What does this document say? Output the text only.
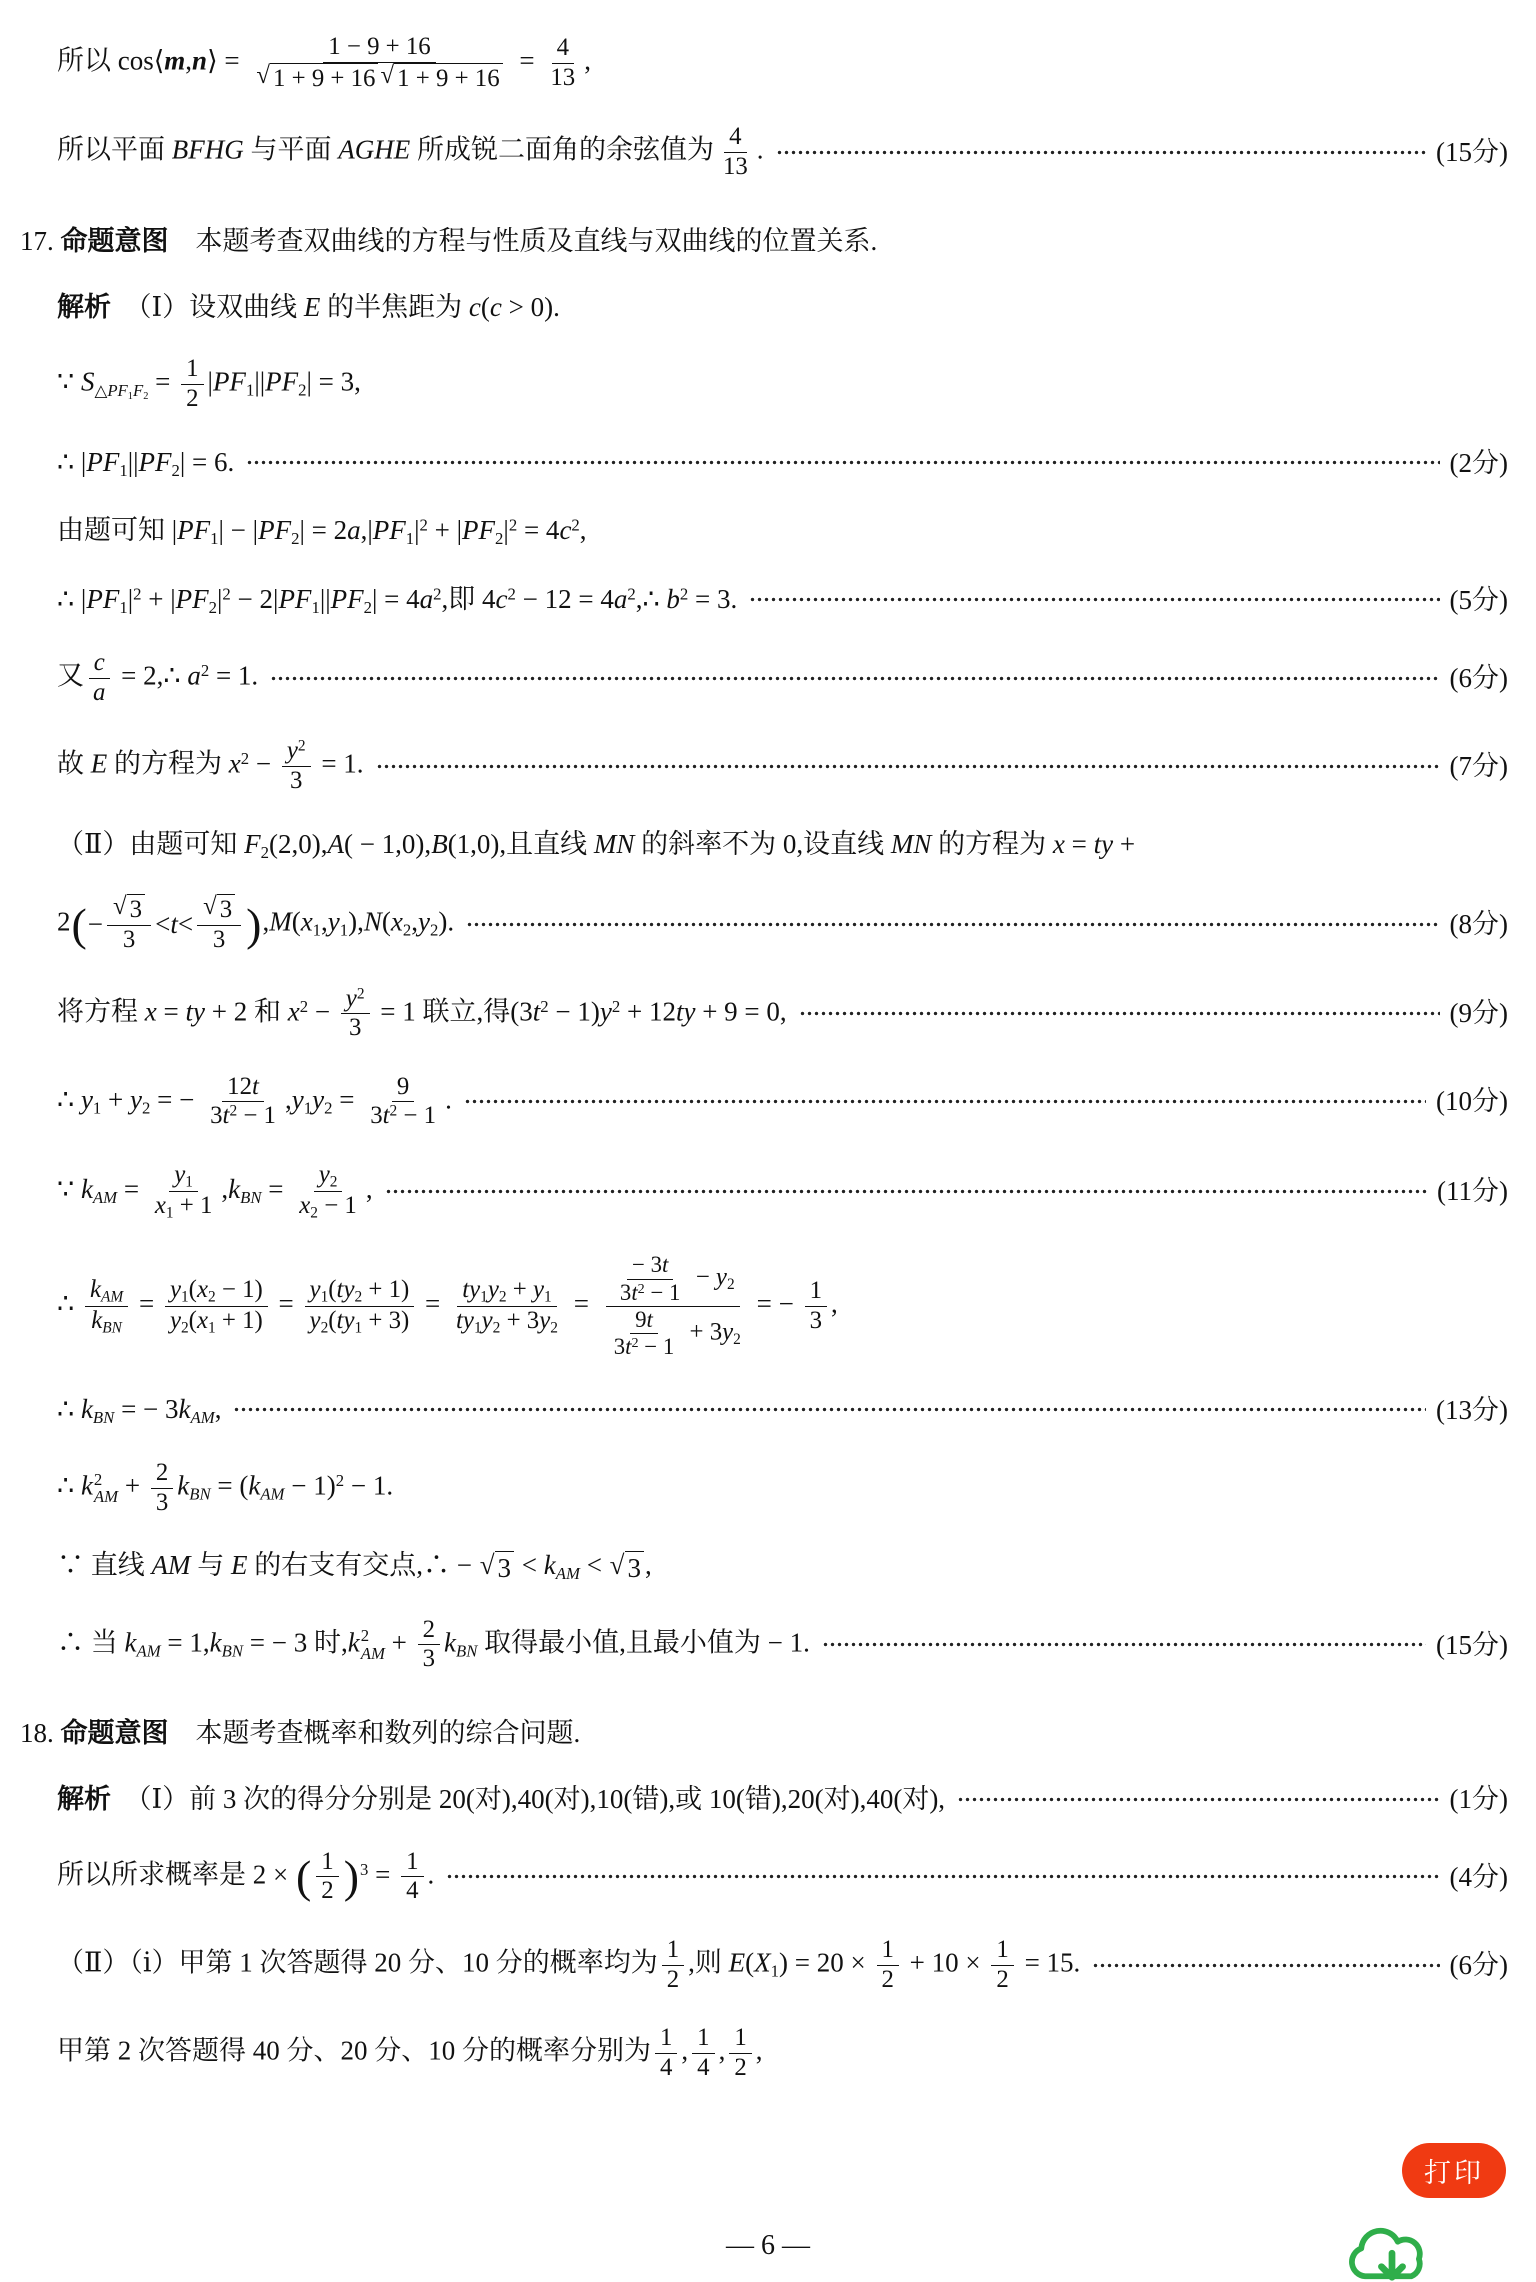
所以 cos⟨m,n⟩ = $\frac{1 - 9 + 16}{√ 1 + 9 + 16 √ 1 + 9 + 16} = \frac{4}{13}$ ,
所以平面 BFHG 与平面 AGHE 所成锐二面角的余弦值为 $\frac{4}{13}$ .	(15分)
17. 命题意图　本题考查双曲线的方程与性质及直线与双曲线的位置关系.
解析　（Ⅰ）设双曲线 E 的半焦距为 c(c > 0).
∵ $S_{\triangle PF_1F_2} = \frac{1}{2} |PF_1||PF_2| = 3$,
∴ $|PF_1||PF_2| = 6$.	(2分)
由题可知 $|PF_1| - |PF_2| = 2a,|PF_1|^2 + |PF_2|^2 = 4c^2$,
∴ $|PF_1|^2 + |PF_2|^2 - 2|PF_1||PF_2| = 4a^2$,即 $4c^2 - 12$ = $4a^2,\therefore$ $b^2 = 3$.	(5分)
又 $\frac{c}{a}$ = 2,∴ $a^2 = 1$.	(6分)
故 E 的方程为 $x^2 - \frac{y^2}{3} = 1$.	(7分)
（Ⅱ）由题可知 $F_2(2,0),A( - 1,0),B(1,0)$,且直线 MN 的斜率不为 0,设直线 MN 的方程为 x = ty +
2 ( − $\frac{√ 3}{3} < t < \frac{√ 3}{3}$ ) $,M(x_1,y_1),N(x_2,y_2)$.	(8分)
将方程 x = ty + 2 和 $x^2 - \frac{y^2}{3} = 1$ 联立,得$(3t^2 - 1)y^2 + 12ty + 9 = 0$,	(9分)
∴ $y_1 + y_2$ = − $\frac{12t}{3t^2 - 1} ,y_1y_2 = \frac{9}{3t^2 - 1}$ .	(10分)
∵ $k_{AM} = \frac{y_1}{x_1 + 1} ,k_{BN} = \frac{y_2}{x_2 - 1}$ ,	(11分)
∴ $\frac{k_{AM}}{k_{BN}} = \frac{y_1(x_2 - 1)}{y_2(x_1 + 1)} = \frac{y_1(ty_2 + 1)}{y_2(ty_1 + 3)} = \frac{ty_1y_2 + y_1}{ty_1y_2 + 3y_2} = \frac{\frac{- 3t}{3t^2 - 1} - y_2}{\frac{9t}{3t^2 - 1} + 3y_2}$ = − $\frac{1}{3}$ ,
∴ $k_{BN}$ = − $3k_{AM}$,	(13分)
∴ k 2
AM + $\frac{2}{3} k_{BN} = (k_{AM} - 1)^2 - 1$.
∵ 直线 AM 与 E 的右支有交点,∴ − √ $3 < k_{AM}$ < √ 3 ,
∴ 当 $k_{AM} = 1,k_{BN}$ = − 3 时,k 2
AM + $\frac{2}{3} k_{BN}$ 取得最小值,且最小值为 − 1.	(15分)
18. 命题意图　本题考查概率和数列的综合问题.
解析　（Ⅰ）前 3 次的得分分别是 20(对),40(对),10(错),或 10(错),20(对),40(对),	(1分)
所以所求概率是 2 × ( $\frac{1}{2}$ ) $^3 = \frac{1}{4}$ .	(4分)
（Ⅱ）（ⅰ）甲第 1 次答题得 20 分、10 分的概率均为 $\frac{1}{2}$ ,则 $E(X_1) = 20 \times \frac{1}{2} + 10 \times \frac{1}{2} = 15$.	(6分)
甲第 2 次答题得 40 分、20 分、10 分的概率分别为 $\frac{1}{4}$ , $\frac{1}{4}$ , $\frac{1}{2}$ ,
— 6 —
打印
